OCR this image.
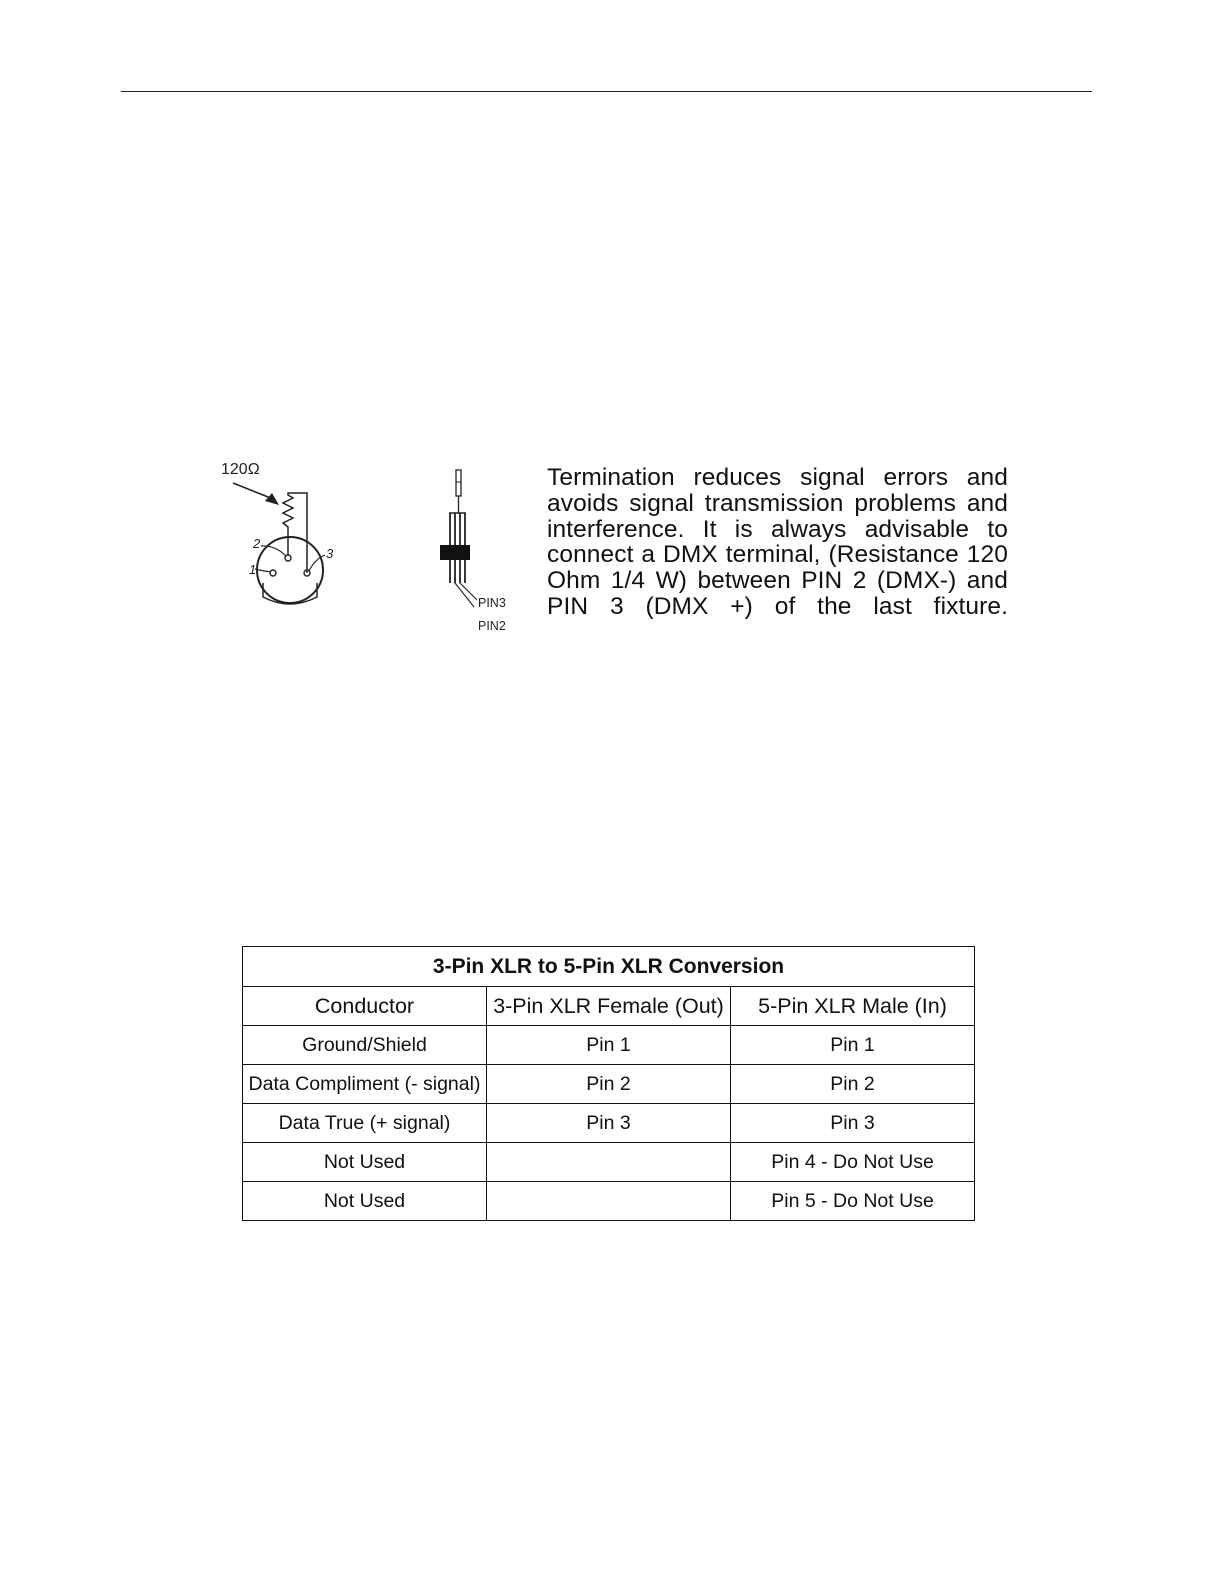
120Ω
2
1
3
PIN3
PIN2

Termination reduces signal errors and avoids signal transmission problems and interference. It is always advisable to connect a DMX terminal, (Resistance 120 Ohm 1/4 W) between PIN 2 (DMX-) and PIN 3 (DMX +) of the last fixture.

3-Pin XLR to 5-Pin XLR Conversion		
Conductor	3-Pin XLR Female (Out)	5-Pin XLR Male (In)
Ground/Shield	Pin 1	Pin 1
Data Compliment (- signal)	Pin 2	Pin 2
Data True (+ signal)	Pin 3	Pin 3
Not Used		Pin 4 - Do Not Use
Not Used		Pin 5 - Do Not Use
